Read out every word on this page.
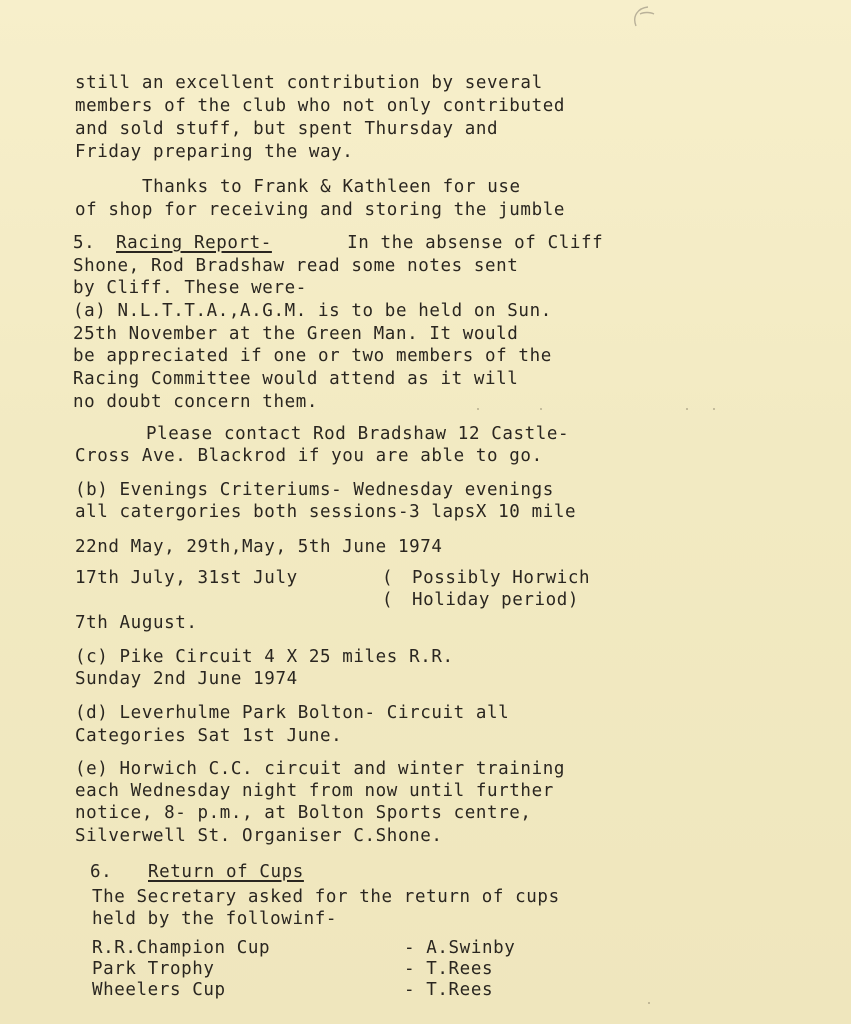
still an excellent contribution by several
members of the club who not only contributed
and sold stuff, but spent Thursday and
Friday preparing the way.
Thanks to Frank & Kathleen for use
of shop for receiving and storing the jumble
5. Racing Report-	In the absense of Cliff
Shone, Rod Bradshaw read some notes sent
by Cliff. These were-
(a) N.L.T.T.A.,A.G.M. is to be held on Sun.
25th November at the Green Man. It would
be appreciated if one or two members of the
Racing Committee would attend as it will
no doubt concern them.
Please contact Rod Bradshaw 12 Castle-
Cross Ave. Blackrod if you are able to go.
(b) Evenings Criteriums- Wednesday evenings
all catergories both sessions-3 lapsX 10 mile
22nd May, 29th,May, 5th June 1974
17th July, 31st July	( Possibly Horwich
( Holiday period)
7th August.
(c) Pike Circuit 4 X 25 miles R.R.
Sunday 2nd June 1974
(d) Leverhulme Park Bolton- Circuit all
Categories Sat 1st June.
(e) Horwich C.C. circuit and winter training
each Wednesday night from now until further
notice, 8- p.m., at Bolton Sports centre,
Silverwell St. Organiser C.Shone.
6. Return of Cups
The Secretary asked for the return of cups
held by the followinf-
R.R.Champion Cup	- A.Swinby
Park Trophy	- T.Rees
Wheelers Cup	- T.Rees
